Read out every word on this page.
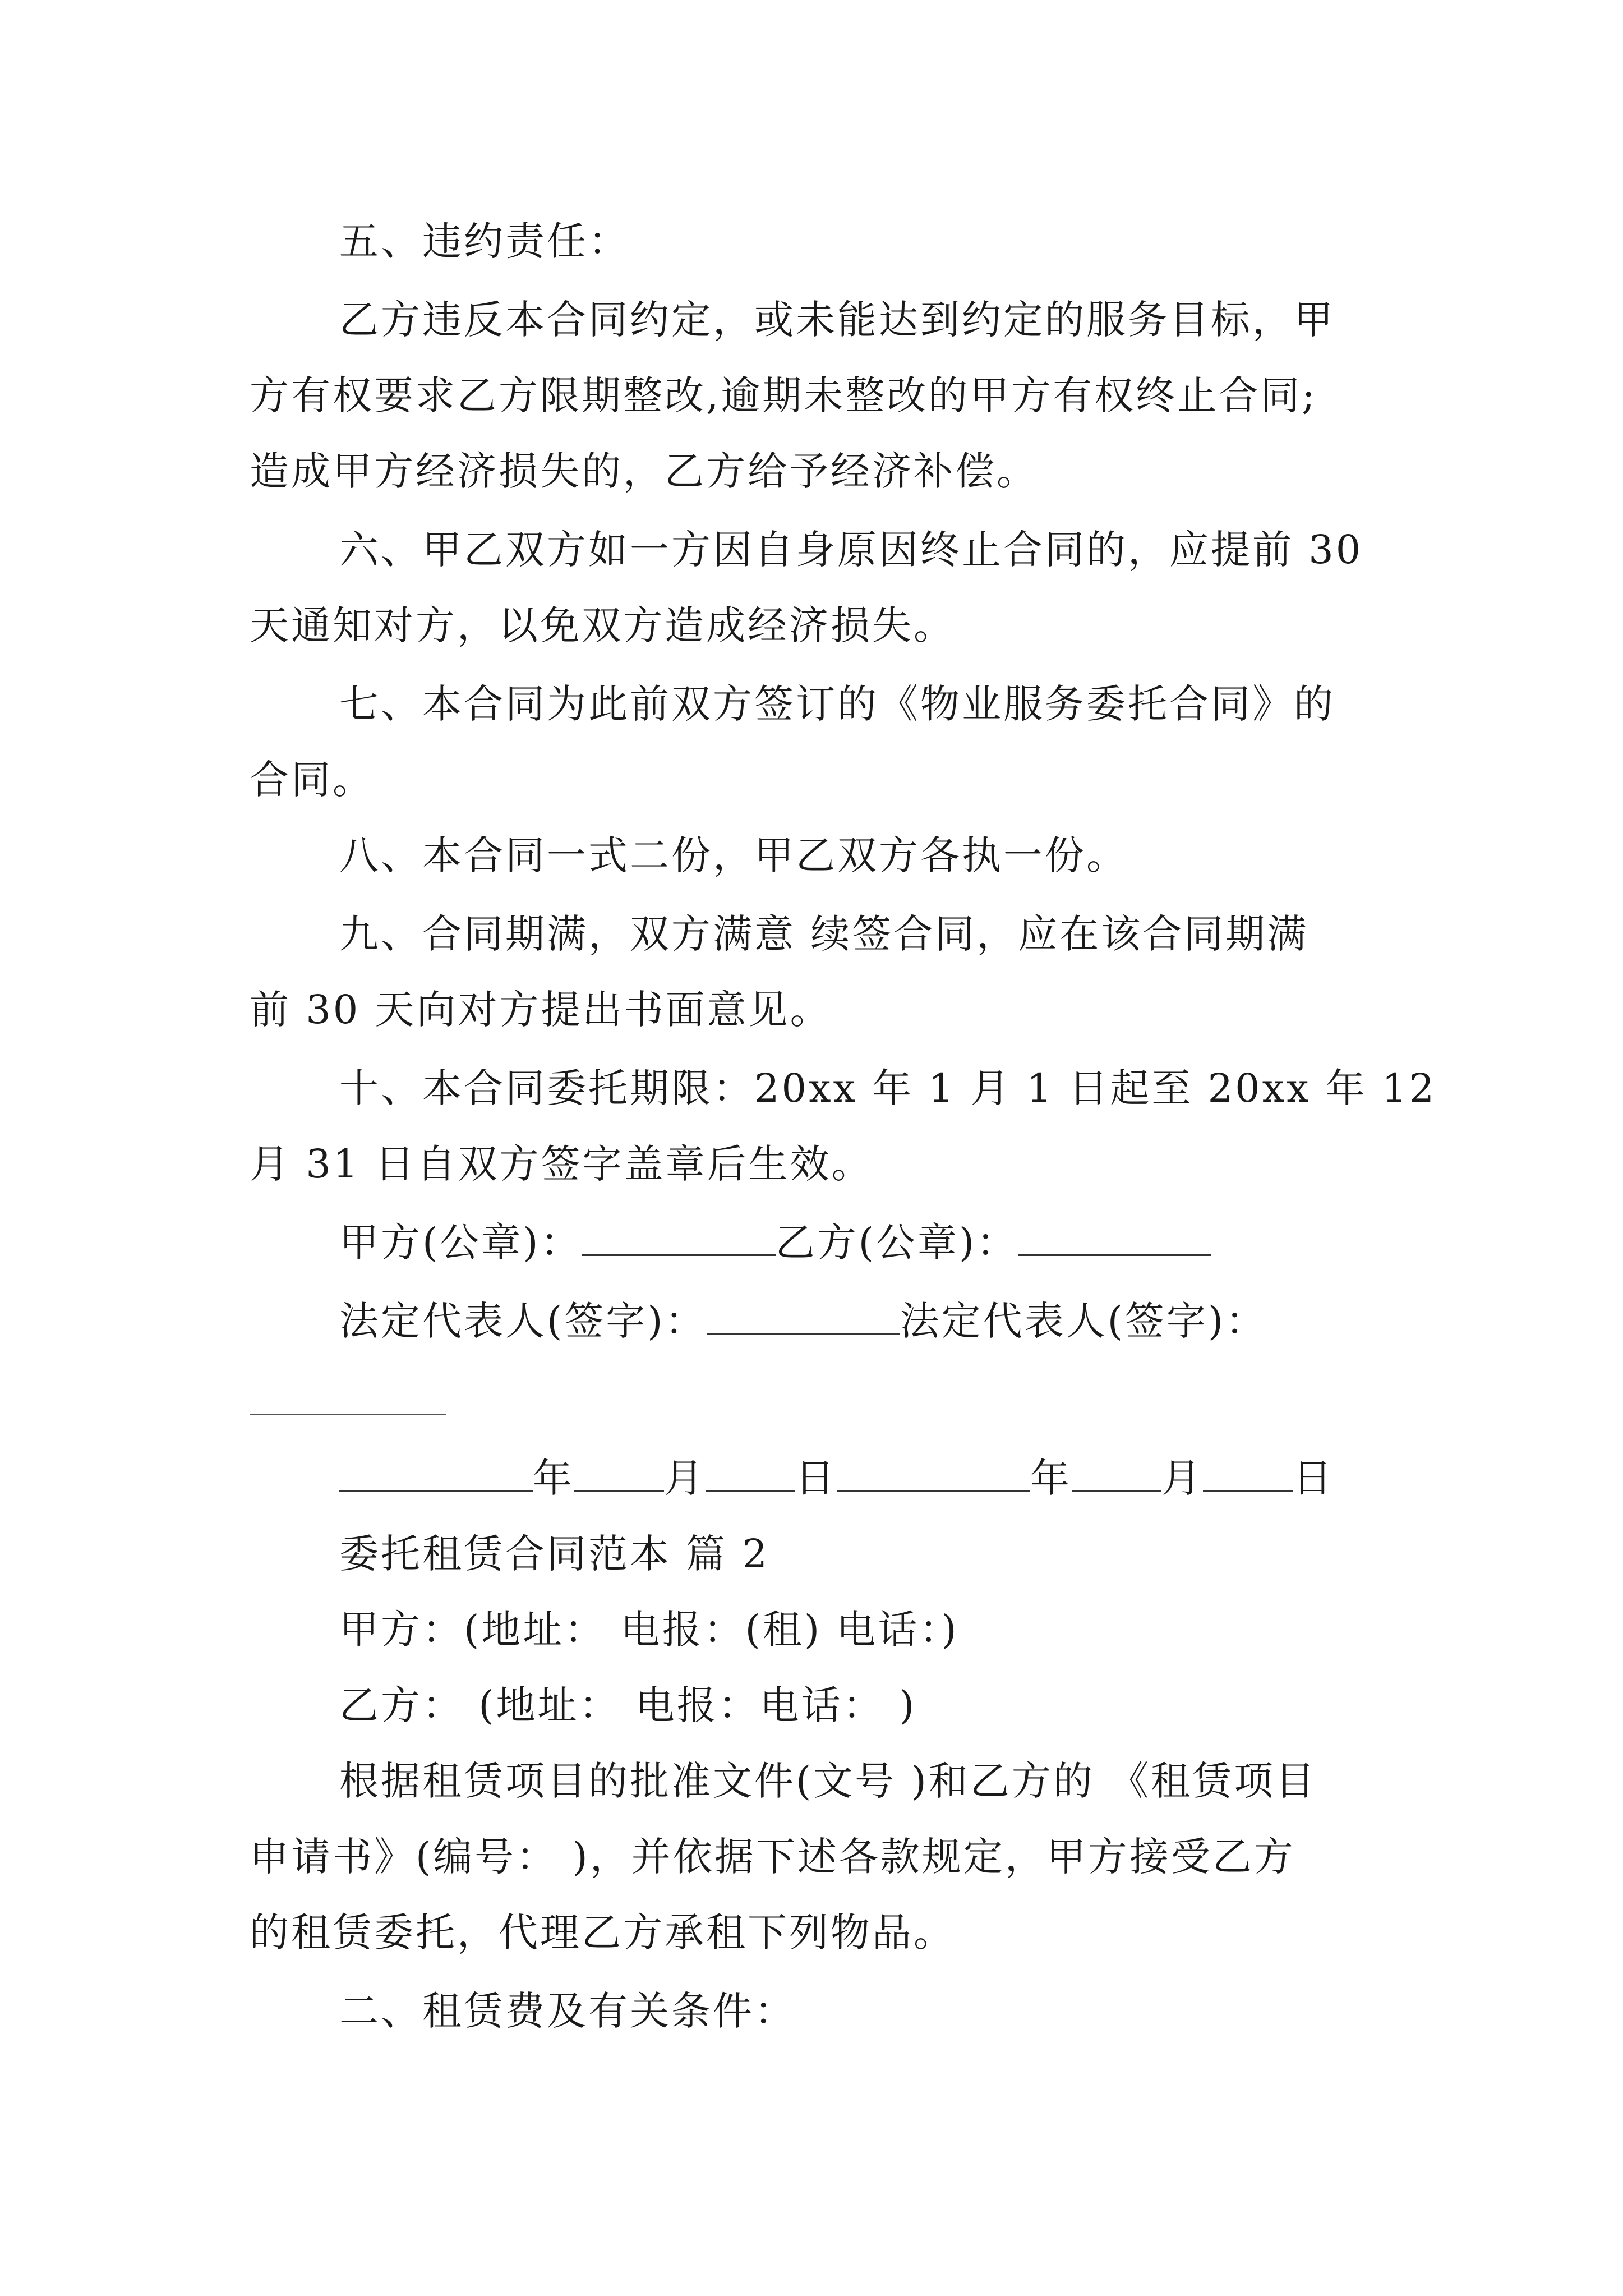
五、违约责任：
乙方违反本合同约定，或未能达到约定的服务目标，甲
方有权要求乙方限期整改,逾期未整改的甲方有权终止合同;
造成甲方经济损失的，乙方给予经济补偿。
六、甲乙双方如一方因自身原因终止合同的，应提前 30
天通知对方，以免双方造成经济损失。
七、本合同为此前双方签订的《物业服务委托合同》的
合同。
八、本合同一式二份，甲乙双方各执一份。
九、合同期满，双方满意 续签合同，应在该合同期满
前 30 天向对方提出书面意见。
十、本合同委托期限：20xx 年 1 月 1 日起至 20xx 年 12
月 31 日自双方签字盖章后生效。
甲方(公章)：	乙方(公章)：
法定代表人(签字)：	法定代表人(签字)：
年 月 日	年 月 日
委托租赁合同范本 篇 2
甲方：(地址： 电报：(租) 电话：)
乙方： (地址： 电报：电话： )
根据租赁项目的批准文件(文号 )和乙方的 《租赁项目
申请书》(编号： )，并依据下述各款规定，甲方接受乙方
的租赁委托，代理乙方承租下列物品。
二、租赁费及有关条件：
